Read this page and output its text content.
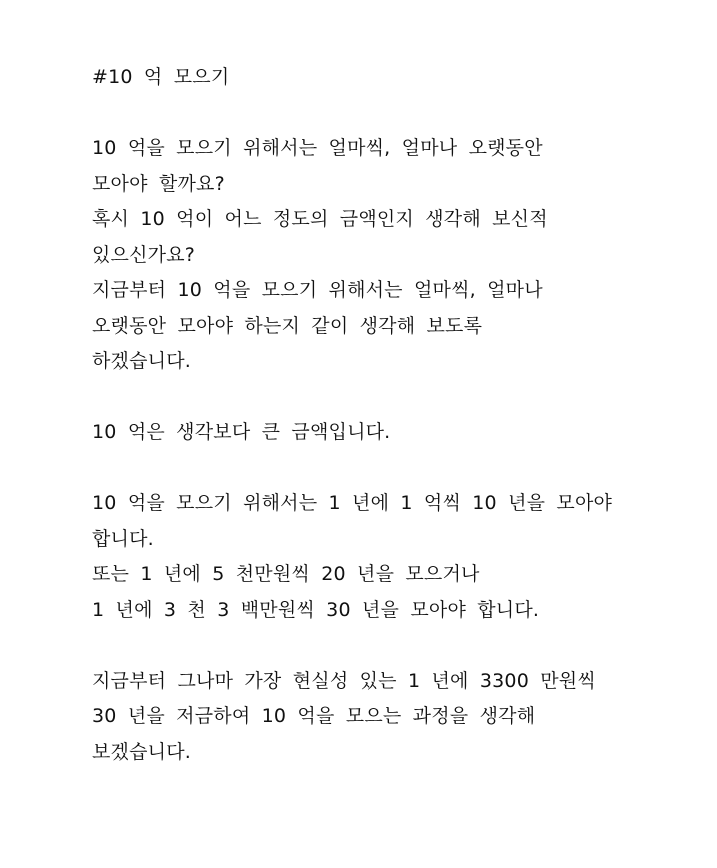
#10 억 모으기
10 억을 모으기 위해서는 얼마씩, 얼마나 오랫동안
모아야 할까요?
혹시 10 억이 어느 정도의 금액인지 생각해 보신적
있으신가요?
지금부터 10 억을 모으기 위해서는 얼마씩, 얼마나
오랫동안 모아야 하는지 같이 생각해 보도록
하겠습니다.
10 억은 생각보다 큰 금액입니다.
10 억을 모으기 위해서는 1 년에 1 억씩 10 년을 모아야
합니다.
또는 1 년에 5 천만원씩 20 년을 모으거나
1 년에 3 천 3 백만원씩 30 년을 모아야 합니다.
지금부터 그나마 가장 현실성 있는 1 년에 3300 만원씩
30 년을 저금하여 10 억을 모으는 과정을 생각해
보겠습니다.
